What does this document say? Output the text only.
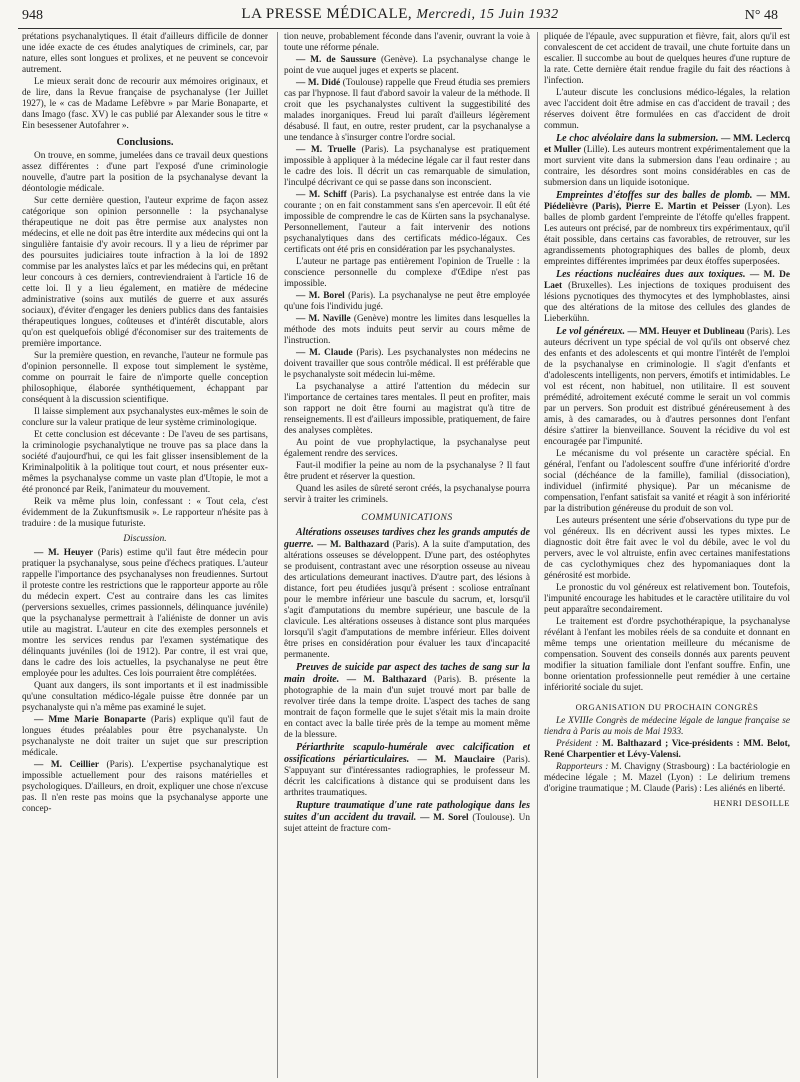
948	LA PRESSE MÉDICALE, Mercredi, 15 Juin 1932	N° 48

prétations psychanalytiques. Il était d'ailleurs difficile de donner une idée exacte de ces études analytiques de criminels, car, par nature, elles sont longues et prolixes, et ne peuvent se concevoir autrement.

Le mieux serait donc de recourir aux mémoires originaux, et de lire, dans la Revue française de psychanalyse (1er Juillet 1927), le « cas de Madame Lefèbvre » par Marie Bonaparte, et dans Imago (fasc. XV) le cas publié par Alexander sous le titre « Ein besessener Autofahrer ».

Conclusions.

On trouve, en somme, jumelées dans ce travail deux questions assez différentes : d'une part l'exposé d'une criminologie nouvelle, d'autre part la position de la psychanalyse devant la déontologie médicale.

Sur cette dernière question, l'auteur exprime de façon assez catégorique son opinion personnelle : la psychanalyse thérapeutique ne doit pas être permise aux analystes non médecins, et elle ne doit pas être interdite aux médecins qui ont la singulière fantaisie d'y avoir recours. Il y a lieu de réprimer par des poursuites judiciaires toute infraction à la loi de 1892 commise par les analystes laïcs et par les médecins qui, en prêtant leur concours à ces derniers, contreviendraient à l'article 16 de cette loi. Il y a lieu également, en matière de médecine administrative (soins aux mutilés de guerre et aux assurés sociaux), d'éviter d'engager les deniers publics dans des fantaisies thérapeutiques longues, coûteuses et d'intérêt discutable, alors qu'on est quelquefois obligé d'économiser sur des traitements de première importance.

Sur la première question, en revanche, l'auteur ne formule pas d'opinion personnelle. Il expose tout simplement le système, comme on pourrait le faire de n'importe quelle conception philosophique, élaborée synthétiquement, échappant par conséquent à la discussion scientifique.

Il laisse simplement aux psychanalystes eux-mêmes le soin de conclure sur la valeur pratique de leur système criminologique.

Et cette conclusion est décevante : De l'aveu de ses partisans, la criminologie psychanalytique ne trouve pas sa place dans la société d'aujourd'hui, ce qui les fait glisser insensiblement de la Kriminalpolitik à la politique tout court, et nous présenter eux-mêmes la psychanalyse comme un vaste plan d'Utopie, le mot a été prononcé par Reik, l'animateur du mouvement.

Reik va même plus loin, confessant : « Tout cela, c'est évidemment de la Zukunftsmusik ». Le rapporteur n'hésite pas à traduire : de la musique futuriste.

Discussion.

— M. Heuyer (Paris) estime qu'il faut être médecin pour pratiquer la psychanalyse, sous peine d'échecs pratiques. L'auteur rappelle l'importance des psychanalyses non freudiennes. Surtout il proteste contre les restrictions que le rapporteur apporte au rôle du médecin expert. C'est au contraire dans les cas limites (perversions sexuelles, crimes passionnels, délinquance juvénile) que la psychanalyse permettrait à l'aliéniste de donner un avis utile au magistrat. L'auteur en cite des exemples personnels et montre les services rendus par l'examen systématique des délinquants juvéniles (loi de 1912). Par contre, il est vrai que, dans le cadre des lois actuelles, la psychanalyse ne peut être employée pour les adultes. Ces lois pourraient être complétées.

Quant aux dangers, ils sont importants et il est inadmissible qu'une consultation médico-légale puisse être donnée par un psychanalyste qui n'a même pas examiné le sujet.

— Mme Marie Bonaparte (Paris) explique qu'il faut de longues études préalables pour être psychanalyste. Un psychanalyste ne doit traiter un sujet que sur prescription médicale.

— M. Ceillier (Paris). L'expertise psychanalytique est impossible actuellement pour des raisons matérielles et psychologiques. D'ailleurs, en droit, expliquer une chose n'excuse pas. Il n'en reste pas moins que la psychanalyse apporte une concep-

tion neuve, probablement féconde dans l'avenir, ouvrant la voie à toute une réforme pénale.

— M. de Saussure (Genève). La psychanalyse change le point de vue auquel juges et experts se placent.

— M. Didé (Toulouse) rappelle que Freud étudia ses premiers cas par l'hypnose. Il faut d'abord savoir la valeur de la méthode. Il croit que les psychanalystes cultivent la suggestibilité des malades inorganiques. Freud lui paraît d'ailleurs légèrement désabusé. Il faut, en outre, rester prudent, car la psychanalyse a une tendance à s'insurger contre l'ordre social.

— M. Truelle (Paris). La psychanalyse est pratiquement impossible à appliquer à la médecine légale car il faut rester dans le cadre des lois. Il décrit un cas remarquable de simulation, l'inculpé décrivant ce qui se passe dans son inconscient.

— M. Schiff (Paris). La psychanalyse est entrée dans la vie courante ; on en fait constamment sans s'en apercevoir. Il eût été impossible de comprendre le cas de Kürten sans la psychanalyse. Personnellement, l'auteur a fait intervenir des notions psychanalytiques dans des certificats médico-légaux. Ces certificats ont été pris en considération par les psychanalystes.

L'auteur ne partage pas entièrement l'opinion de Truelle : la conscience personnelle du complexe d'Œdipe n'est pas impossible.

— M. Borel (Paris). La psychanalyse ne peut être employée qu'une fois l'individu jugé.

— M. Naville (Genève) montre les limites dans lesquelles la méthode des mots induits peut servir au cours même de l'instruction.

— M. Claude (Paris). Les psychanalystes non médecins ne doivent travailler que sous contrôle médical. Il est préférable que le psychanalyste soit médecin lui-même.

La psychanalyse a attiré l'attention du médecin sur l'importance de certaines tares mentales. Il peut en profiter, mais son rapport ne doit être fourni au magistrat qu'à titre de renseignements. Il est d'ailleurs impossible, pratiquement, de faire des analyses complètes.

Au point de vue prophylactique, la psychanalyse peut également rendre des services.

Faut-il modifier la peine au nom de la psychanalyse ? Il faut être prudent et réserver la question.

Quand les asiles de sûreté seront créés, la psychanalyse pourra servir à traiter les criminels.

COMMUNICATIONS

Altérations osseuses tardives chez les grands amputés de guerre. — M. Balthazard (Paris). A la suite d'amputation, des altérations osseuses se développent. D'une part, des ostéophytes se produisent, contrastant avec une résorption osseuse au niveau des articulations demeurant inactives. D'autre part, des lésions à distance, fort peu étudiées jusqu'à présent : scoliose entraînant pour le membre inférieur une bascule du sacrum, et, lorsqu'il s'agit d'amputations du membre supérieur, une bascule de la clavicule. Les altérations osseuses à distance sont plus marquées lorsqu'il s'agit d'amputations de membre inférieur. Elles doivent être prises en considération pour évaluer les taux d'incapacité permanente.

Preuves de suicide par aspect des taches de sang sur la main droite. — M. Balthazard (Paris). B. présente la photographie de la main d'un sujet trouvé mort par balle de revolver tirée dans la tempe droite. L'aspect des taches de sang montrait de façon formelle que le sujet s'était mis la main droite en contact avec la balle tirée près de la tempe au moment même de la blessure.

Périarthrite scapulo-humérale avec calcification et ossifications périarticulaires. — M. Mauclaire (Paris). S'appuyant sur d'intéressantes radiographies, le professeur M. décrit les calcifications à distance qui se produisent dans les arthrites traumatiques.

Rupture traumatique d'une rate pathologique dans les suites d'un accident du travail. — M. Sorel (Toulouse). Un sujet atteint de fracture com-

pliquée de l'épaule, avec suppuration et fièvre, fait, alors qu'il est convalescent de cet accident de travail, une chute fortuite dans un escalier. Il succombe au bout de quelques heures d'une rupture de la rate. Cette dernière était rendue fragile du fait des réactions à l'infection.

L'auteur discute les conclusions médico-légales, la relation avec l'accident doit être admise en cas d'accident de travail ; des réserves doivent être formulées en cas d'accident de droit commun.

Le choc alvéolaire dans la submersion. — MM. Leclercq et Muller (Lille). Les auteurs montrent expérimentalement que la mort survient vite dans la submersion dans l'eau ordinaire ; au contraire, les désordres sont moins considérables en cas de submersion dans un liquide isotonique.

Empreintes d'étoffes sur des balles de plomb. — MM. Piédelièvre (Paris), Pierre E. Martin et Peisser (Lyon). Les balles de plomb gardent l'empreinte de l'étoffe qu'elles frappent. Les auteurs ont précisé, par de nombreux tirs expérimentaux, qu'il était possible, dans certains cas favorables, de retrouver, sur les agrandissements photographiques des balles de plomb, deux empreintes différentes imprimées par deux étoffes superposées.

Les réactions nucléaires dues aux toxiques. — M. De Laet (Bruxelles). Les injections de toxiques produisent des lésions pycnotiques des thymocytes et des lymphoblastes, ainsi que des altérations de la mitose des cellules des glandes de Lieberkühn.

Le vol généreux. — MM. Heuyer et Dublineau (Paris). Les auteurs décrivent un type spécial de vol qu'ils ont observé chez des enfants et des adolescents et qui montre l'intérêt de l'emploi de la psychanalyse en criminologie. Il s'agit d'enfants et d'adolescents intelligents, non pervers, émotifs et intimidables. Le vol est récent, non habituel, non utilitaire. Il est souvent prémédité, adroitement exécuté comme le serait un vol commis par un pervers. Son produit est distribué généreusement à des amis, à des camarades, ou à d'autres personnes dont l'enfant désire s'attirer la bienveillance. Souvent la récidive du vol est encouragée par l'impunité.

Le mécanisme du vol présente un caractère spécial. En général, l'enfant ou l'adolescent souffre d'une infériorité d'ordre social (déchéance de la famille), familial (dissociation), individuel (infirmité physique). Par un mécanisme de compensation, l'enfant satisfait sa vanité et réagit à son infériorité par la distribution généreuse du produit de son vol.

Les auteurs présentent une série d'observations du type pur de vol généreux. Ils en décrivent aussi les types mixtes. Le diagnostic doit être fait avec le vol du débile, avec le vol du pervers, avec le vol altruiste, enfin avec certaines manifestations de cas cyclothymiques chez des hypomaniaques dont la générosité est morbide.

Le pronostic du vol généreux est relativement bon. Toutefois, l'impunité encourage les habitudes et le caractère utilitaire du vol peut apparaître secondairement.

Le traitement est d'ordre psychothérapique, la psychanalyse révélant à l'enfant les mobiles réels de sa conduite et donnant en même temps une orientation meilleure du mécanisme de compensation. Souvent des conseils donnés aux parents peuvent modifier la situation familiale dont l'enfant souffre. Enfin, une bonne orientation professionnelle peut remédier à une certaine infériorité sociale du sujet.

ORGANISATION DU PROCHAIN CONGRÈS

Le XVIIIe Congrès de médecine légale de langue française se tiendra à Paris au mois de Mai 1933.

Président : M. Balthazard ; Vice-présidents : MM. Belot, René Charpentier et Lévy-Valensi.

Rapporteurs : M. Chavigny (Strasbourg) : La bactériologie en médecine légale ; M. Mazel (Lyon) : Le delirium tremens d'origine traumatique ; M. Claude (Paris) : Les aliénés en liberté.

HENRI DESOILLE
